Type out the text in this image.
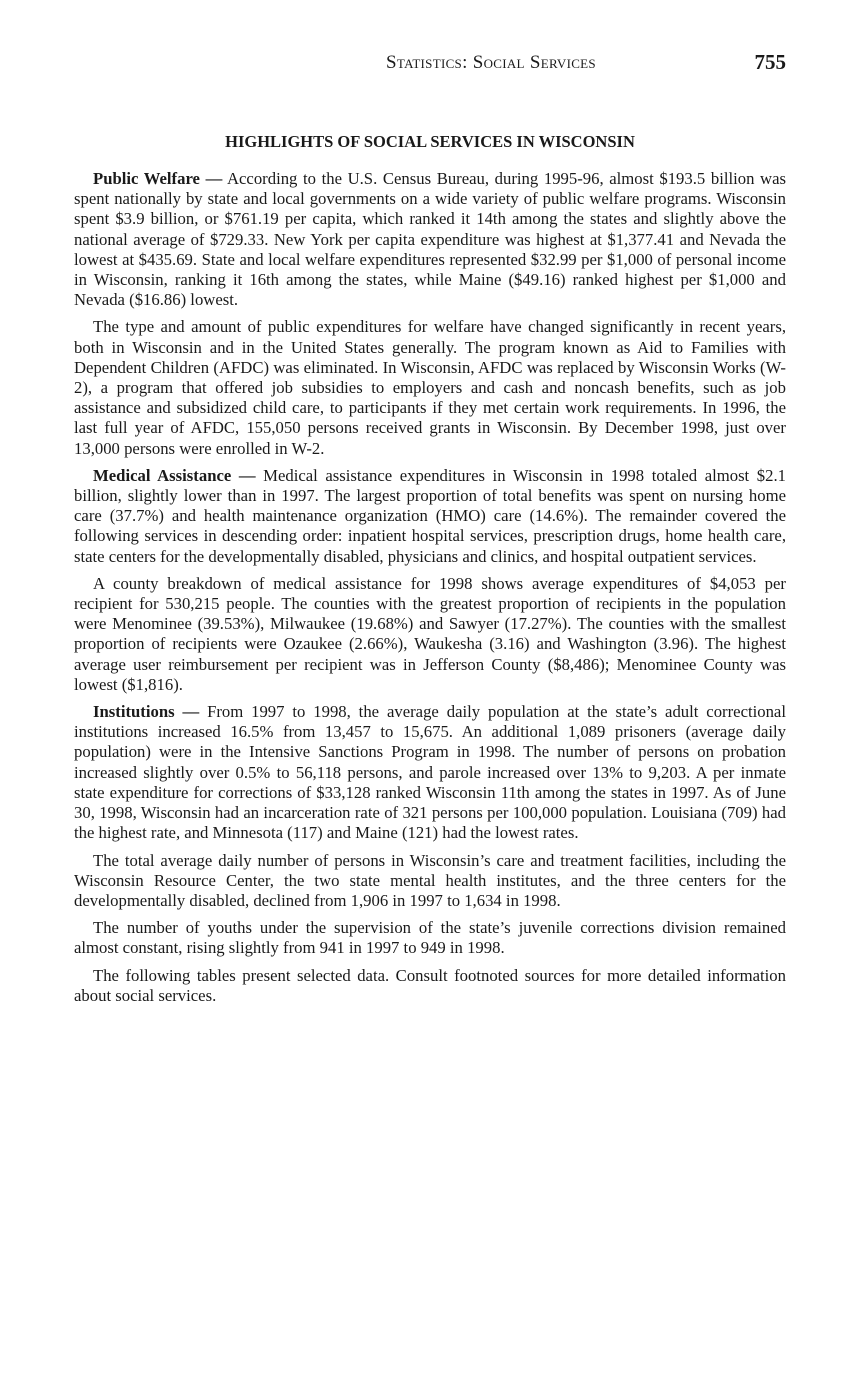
Statistics: Social Services	755
HIGHLIGHTS OF SOCIAL SERVICES IN WISCONSIN

Public Welfare — According to the U.S. Census Bureau, during 1995-96, almost $193.5 billion was spent nationally by state and local governments on a wide variety of public welfare programs. Wisconsin spent $3.9 billion, or $761.19 per capita, which ranked it 14th among the states and slightly above the national average of $729.33. New York per capita expenditure was highest at $1,377.41 and Nevada the lowest at $435.69. State and local welfare expenditures represented $32.99 per $1,000 of personal income in Wisconsin, ranking it 16th among the states, while Maine ($49.16) ranked highest per $1,000 and Nevada ($16.86) lowest.

The type and amount of public expenditures for welfare have changed significantly in recent years, both in Wisconsin and in the United States generally. The program known as Aid to Families with Dependent Children (AFDC) was eliminated. In Wisconsin, AFDC was replaced by Wisconsin Works (W-2), a program that offered job subsidies to employers and cash and noncash benefits, such as job assistance and subsidized child care, to participants if they met certain work requirements. In 1996, the last full year of AFDC, 155,050 persons received grants in Wisconsin. By December 1998, just over 13,000 persons were enrolled in W-2.

Medical Assistance — Medical assistance expenditures in Wisconsin in 1998 totaled almost $2.1 billion, slightly lower than in 1997. The largest proportion of total benefits was spent on nursing home care (37.7%) and health maintenance organization (HMO) care (14.6%). The remainder covered the following services in descending order: inpatient hospital services, prescription drugs, home health care, state centers for the developmentally disabled, physicians and clinics, and hospital outpatient services.

A county breakdown of medical assistance for 1998 shows average expenditures of $4,053 per recipient for 530,215 people. The counties with the greatest proportion of recipients in the population were Menominee (39.53%), Milwaukee (19.68%) and Sawyer (17.27%). The counties with the smallest proportion of recipients were Ozaukee (2.66%), Waukesha (3.16) and Washington (3.96). The highest average user reimbursement per recipient was in Jefferson County ($8,486); Menominee County was lowest ($1,816).

Institutions — From 1997 to 1998, the average daily population at the state’s adult correctional institutions increased 16.5% from 13,457 to 15,675. An additional 1,089 prisoners (average daily population) were in the Intensive Sanctions Program in 1998. The number of persons on probation increased slightly over 0.5% to 56,118 persons, and parole increased over 13% to 9,203. A per inmate state expenditure for corrections of $33,128 ranked Wisconsin 11th among the states in 1997. As of June 30, 1998, Wisconsin had an incarceration rate of 321 persons per 100,000 population. Louisiana (709) had the highest rate, and Minnesota (117) and Maine (121) had the lowest rates.

The total average daily number of persons in Wisconsin’s care and treatment facilities, including the Wisconsin Resource Center, the two state mental health institutes, and the three centers for the developmentally disabled, declined from 1,906 in 1997 to 1,634 in 1998.

The number of youths under the supervision of the state’s juvenile corrections division remained almost constant, rising slightly from 941 in 1997 to 949 in 1998.

The following tables present selected data. Consult footnoted sources for more detailed information about social services.
